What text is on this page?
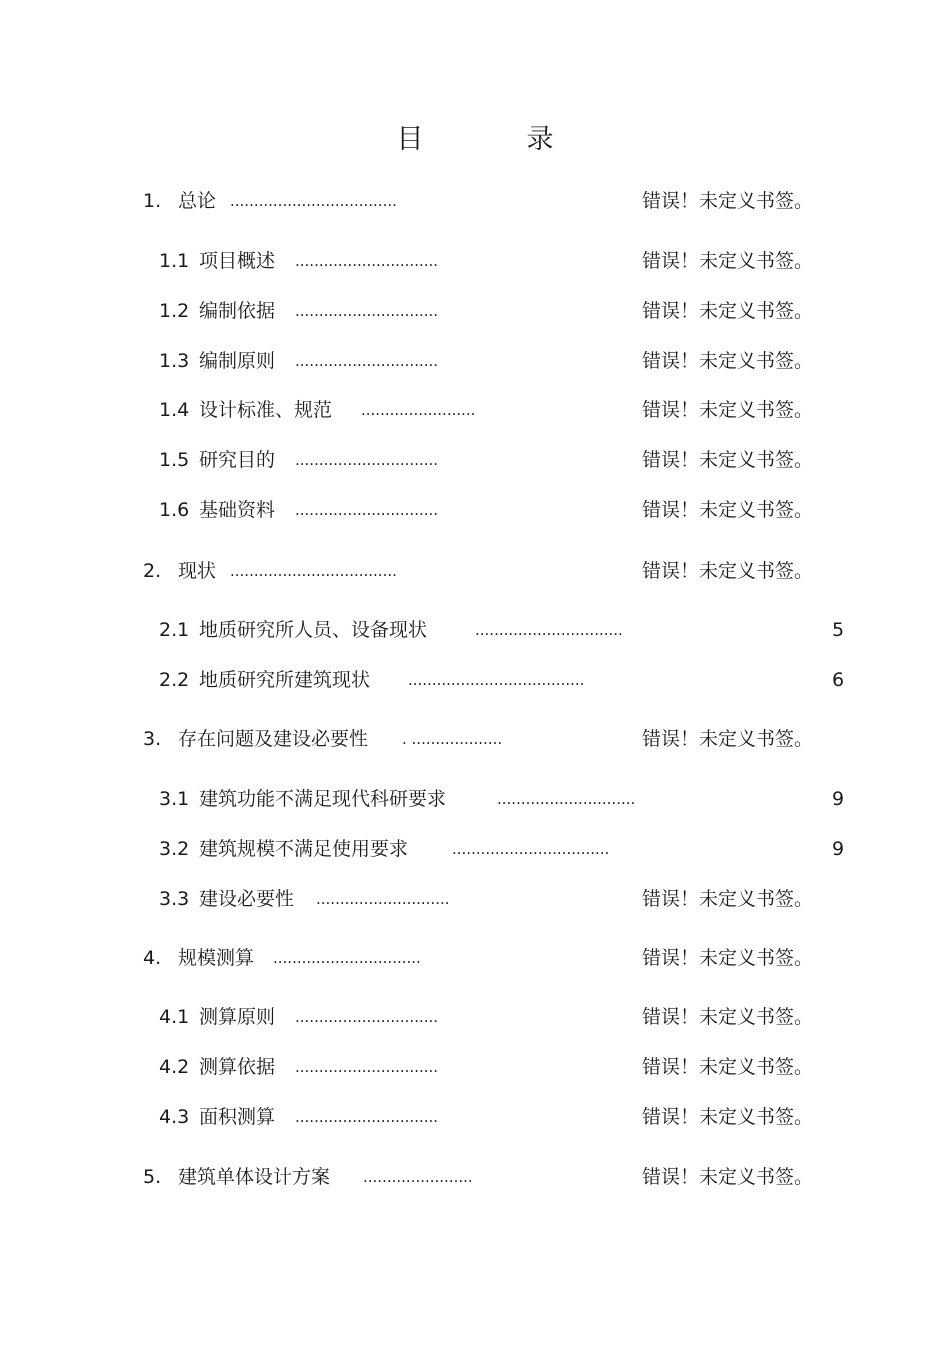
目　录
1. 总论 ...................................	错误！未定义书签。
1.1 项目概述 ..............................	错误！未定义书签。
1.2 编制依据 ..............................	错误！未定义书签。
1.3 编制原则 ..............................	错误！未定义书签。
1.4 设计标准、规范 ........................	错误！未定义书签。
1.5 研究目的 ..............................	错误！未定义书签。
1.6 基础资料 ..............................	错误！未定义书签。
2. 现状 ...................................	错误！未定义书签。
2.1 地质研究所人员、设备现状	...............................	5
2.2 地质研究所建筑现状	.....................................	6
3. 存在问题及建设必要性 . ...................	错误！未定义书签。
3.1 建筑功能不满足现代科研要求	.............................	9
3.2 建筑规模不满足使用要求	.................................	9
3.3 建设必要性 ............................	错误！未定义书签。
4. 规模测算 ...............................	错误！未定义书签。
4.1 测算原则 ..............................	错误！未定义书签。
4.2 测算依据 ..............................	错误！未定义书签。
4.3 面积测算 ..............................	错误！未定义书签。
5. 建筑单体设计方案 .......................	错误！未定义书签。
